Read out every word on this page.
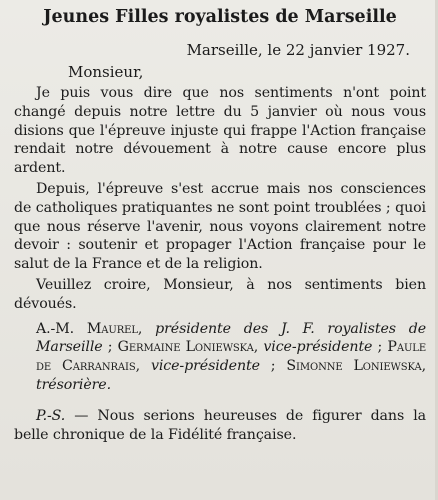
Jeunes Filles royalistes de Marseille
Marseille, le 22 janvier 1927.
Monsieur,

Je puis vous dire que nos sentiments n'ont point changé depuis notre lettre du 5 janvier où nous vous disions que l'épreuve injuste qui frappe l'Action française rendait notre dévouement à notre cause encore plus ardent.

Depuis, l'épreuve s'est accrue mais nos consciences de catholiques pratiquantes ne sont point troublées ; quoi que nous réserve l'avenir, nous voyons clairement notre devoir : soutenir et propager l'Action française pour le salut de la France et de la religion.

Veuillez croire, Monsieur, à nos sentiments bien dévoués.

A.-M. Maurel, présidente des J. F. royalistes de Marseille ; Germaine Loniewska, vice-présidente ; Paule de Carranrais, vice-présidente ; Simonne Loniewska, trésorière.

P.-S. — Nous serions heureuses de figurer dans la belle chronique de la Fidélité française.
